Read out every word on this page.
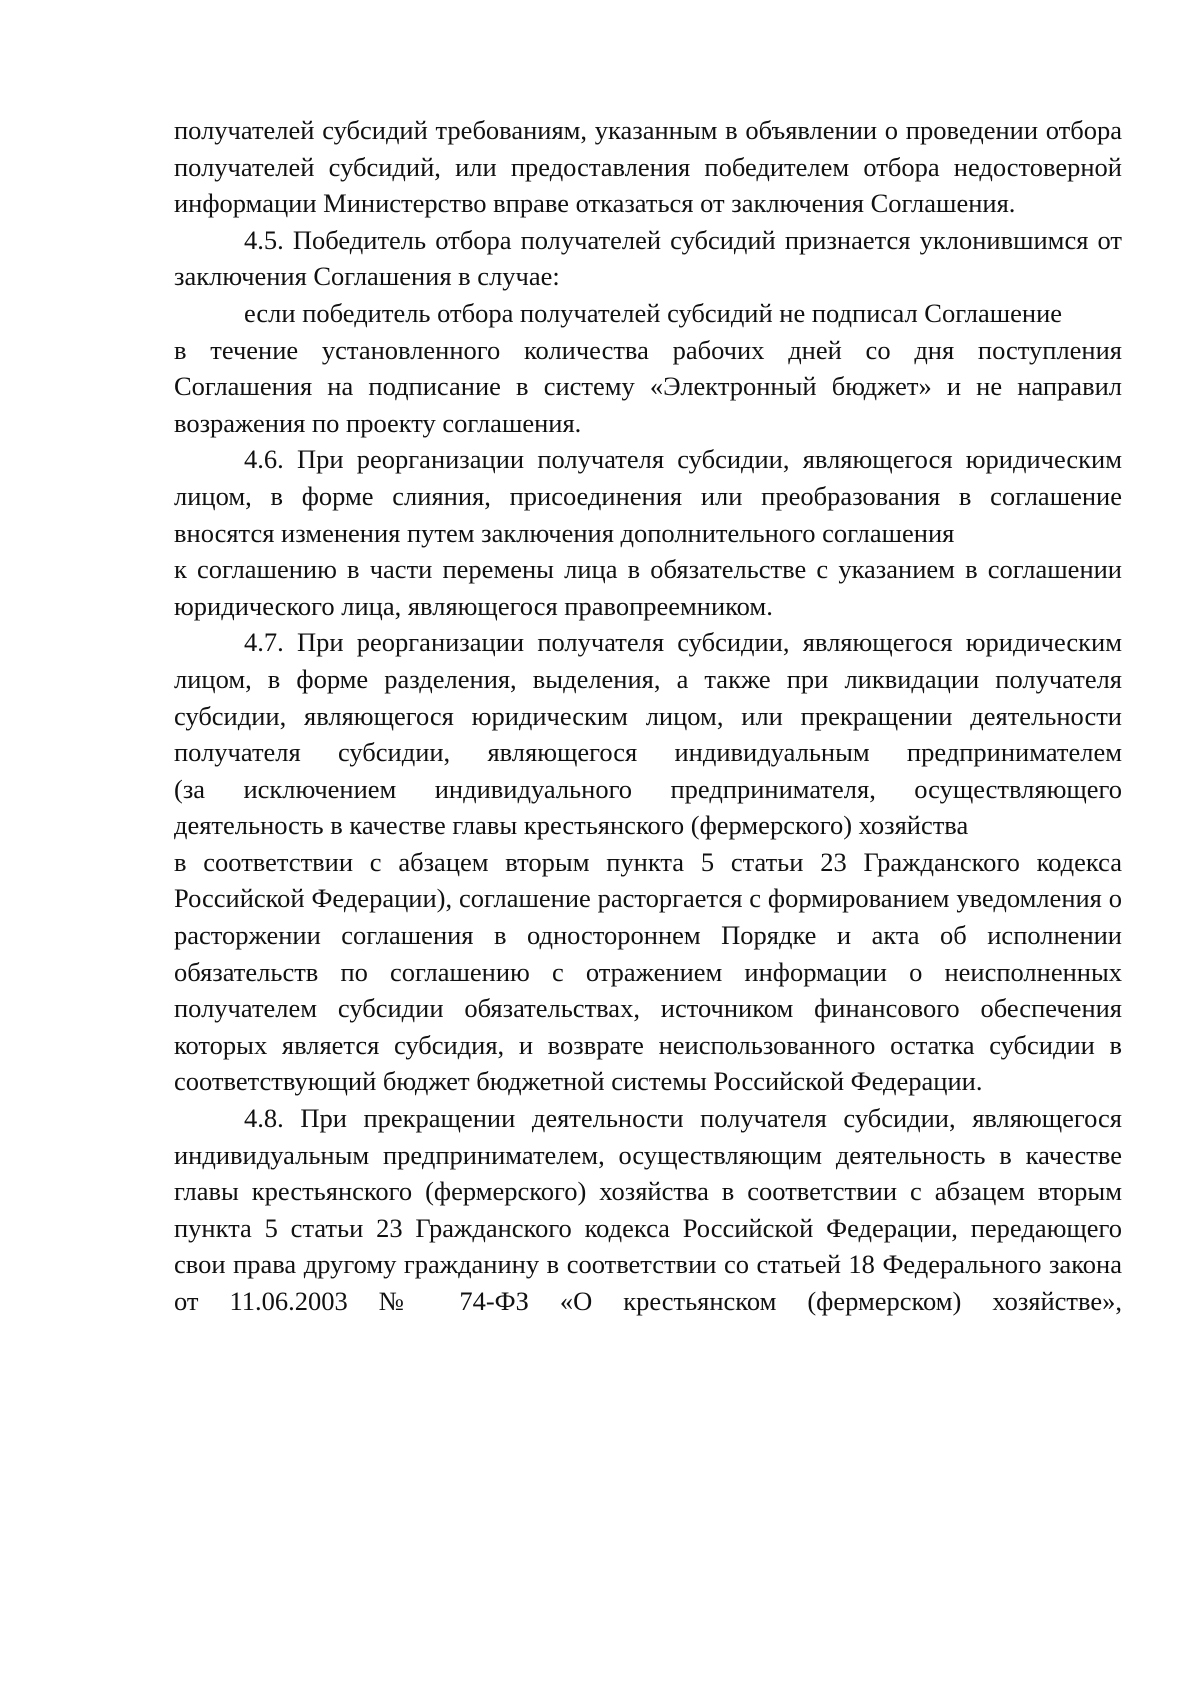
получателей субсидий требованиям, указанным в объявлении о проведении отбора получателей субсидий, или предоставления победителем отбора недостоверной информации Министерство вправе отказаться от заключения Соглашения.

4.5. Победитель отбора получателей субсидий признается уклонившимся от заключения Соглашения в случае:

если победитель отбора получателей субсидий не подписал Соглашение

в течение установленного количества рабочих дней со дня поступления Соглашения на подписание в систему «Электронный бюджет» и не направил возражения по проекту соглашения.

4.6. При реорганизации получателя субсидии, являющегося юридическим лицом, в форме слияния, присоединения или преобразования в соглашение вносятся изменения путем заключения дополнительного соглашения

к соглашению в части перемены лица в обязательстве с указанием в соглашении юридического лица, являющегося правопреемником.

4.7. При реорганизации получателя субсидии, являющегося юридическим лицом, в форме разделения, выделения, а также при ликвидации получателя субсидии, являющегося юридическим лицом, или прекращении деятельности получателя субсидии, являющегося индивидуальным предпринимателем

(за исключением индивидуального предпринимателя, осуществляющего деятельность в качестве главы крестьянского (фермерского) хозяйства

в соответствии с абзацем вторым пункта 5 статьи 23 Гражданского кодекса Российской Федерации), соглашение расторгается с формированием уведомления о расторжении соглашения в одностороннем Порядке и акта об исполнении обязательств по соглашению с отражением информации о неисполненных получателем субсидии обязательствах, источником финансового обеспечения которых является субсидия, и возврате неиспользованного остатка субсидии в соответствующий бюджет бюджетной системы Российской Федерации.

4.8. При прекращении деятельности получателя субсидии, являющегося индивидуальным предпринимателем, осуществляющим деятельность в качестве главы крестьянского (фермерского) хозяйства в соответствии с абзацем вторым пункта 5 статьи 23 Гражданского кодекса Российской Федерации, передающего свои права другому гражданину в соответствии со статьей 18 Федерального закона от 11.06.2003 № 74-ФЗ «О крестьянском (фермерском) хозяйстве»,
